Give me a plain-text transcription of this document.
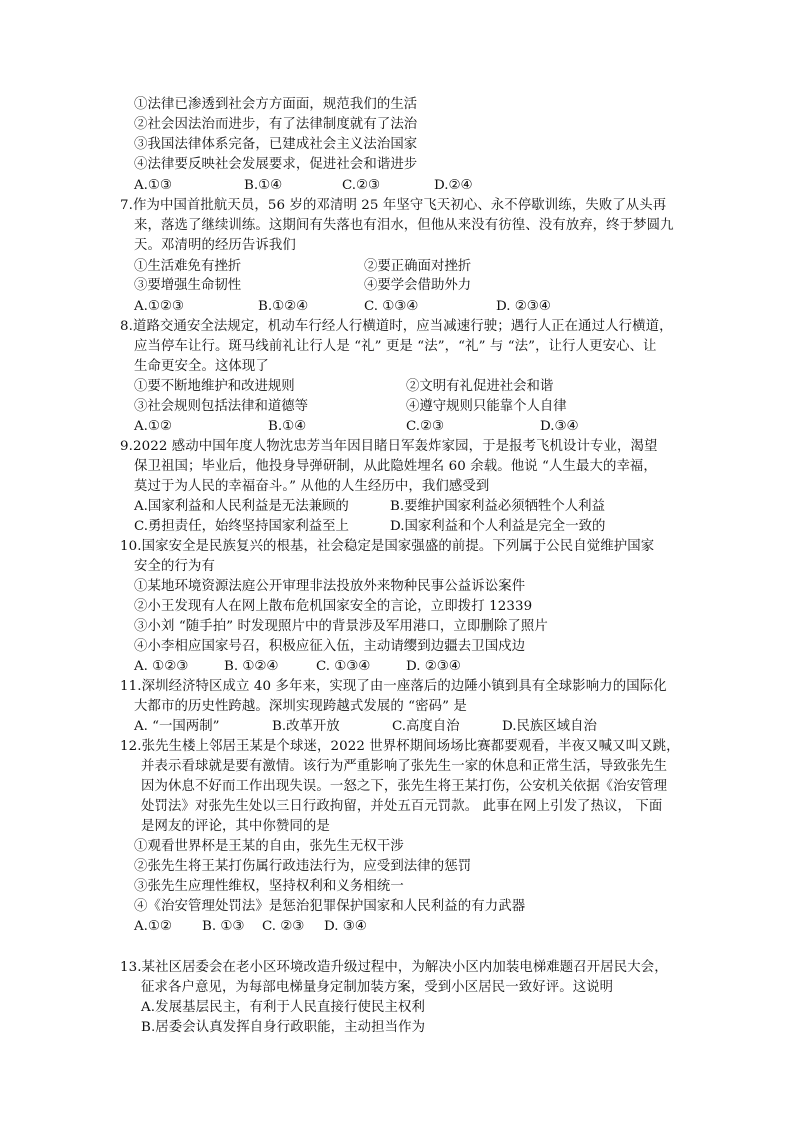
①法律已渗透到社会方方面面，规范我们的生活
②社会因法治而进步，有了法律制度就有了法治
③我国法律体系完备，已建成社会主义法治国家
④法律要反映社会发展要求，促进社会和谐进步
A.①③	B.①④	C.②③	D.②④
7.作为中国首批航天员，56 岁的邓清明 25 年坚守飞天初心、永不停歇训练，失败了从头再
来，落选了继续训练。这期间有失落也有泪水，但他从来没有彷徨、没有放弃，终于梦圆九
天。邓清明的经历告诉我们
①生活难免有挫折	②要正确面对挫折
③要增强生命韧性	④要学会借助外力
A.①②③	B.①②④	C. ①③④	D. ②③④
8.道路交通安全法规定，机动车行经人行横道时，应当减速行驶；遇行人正在通过人行横道，
应当停车让行。斑马线前礼让行人是 “礼” 更是 “法”，“礼” 与 “法”，让行人更安心、让
生命更安全。这体现了
①要不断地维护和改进规则	②文明有礼促进社会和谐
③社会规则包括法律和道德等	④遵守规则只能靠个人自律
A.①②	B.①④	C.②③	D.③④
9.2022 感动中国年度人物沈忠芳当年因目睹日军轰炸家园，于是报考飞机设计专业，渴望
保卫祖国；毕业后，他投身导弹研制，从此隐姓埋名 60 余载。他说 “人生最大的幸福，
莫过于为人民的幸福奋斗。” 从他的人生经历中，我们感受到
A.国家利益和人民利益是无法兼顾的	B.要维护国家利益必须牺牲个人利益
C.勇担责任，始终坚持国家利益至上	D.国家利益和个人利益是完全一致的
10.国家安全是民族复兴的根基，社会稳定是国家强盛的前提。下列属于公民自觉维护国家
安全的行为有
①某地环境资源法庭公开审理非法投放外来物种民事公益诉讼案件
②小王发现有人在网上散布危机国家安全的言论，立即拨打 12339
③小刘 “随手拍” 时发现照片中的背景涉及军用港口，立即删除了照片
④小李相应国家号召，积极应征入伍，主动请缨到边疆去卫国戍边
A. ①②③	B. ①②④	C. ①③④	D. ②③④
11.深圳经济特区成立 40 多年来，实现了由一座落后的边陲小镇到具有全球影响力的国际化
大都市的历史性跨越。深圳实现跨越式发展的 “密码” 是
A. “一国两制”	B.改革开放	C.高度自治	D.民族区域自治
12.张先生楼上邻居王某是个球迷，2022 世界杯期间场场比赛都要观看，半夜又喊又叫又跳，
并表示看球就是要有激情。该行为严重影响了张先生一家的休息和正常生活，导致张先生
因为休息不好而工作出现失误。一怒之下，张先生将王某打伤，公安机关依据《治安管理
处罚法》对张先生处以三日行政拘留，并处五百元罚款。 此事在网上引发了热议， 下面
是网友的评论，其中你赞同的是
①观看世界杯是王某的自由，张先生无权干涉
②张先生将王某打伤属行政违法行为，应受到法律的惩罚
③张先生应理性维权，坚持权利和义务相统一
④《治安管理处罚法》是惩治犯罪保护国家和人民利益的有力武器
A.①② B. ①③ C. ②③ D. ③④
13.某社区居委会在老小区环境改造升级过程中，为解决小区内加装电梯难题召开居民大会，
征求各户意见，为每部电梯量身定制加装方案，受到小区居民一致好评。这说明
A.发展基层民主，有利于人民直接行使民主权利
B.居委会认真发挥自身行政职能，主动担当作为
